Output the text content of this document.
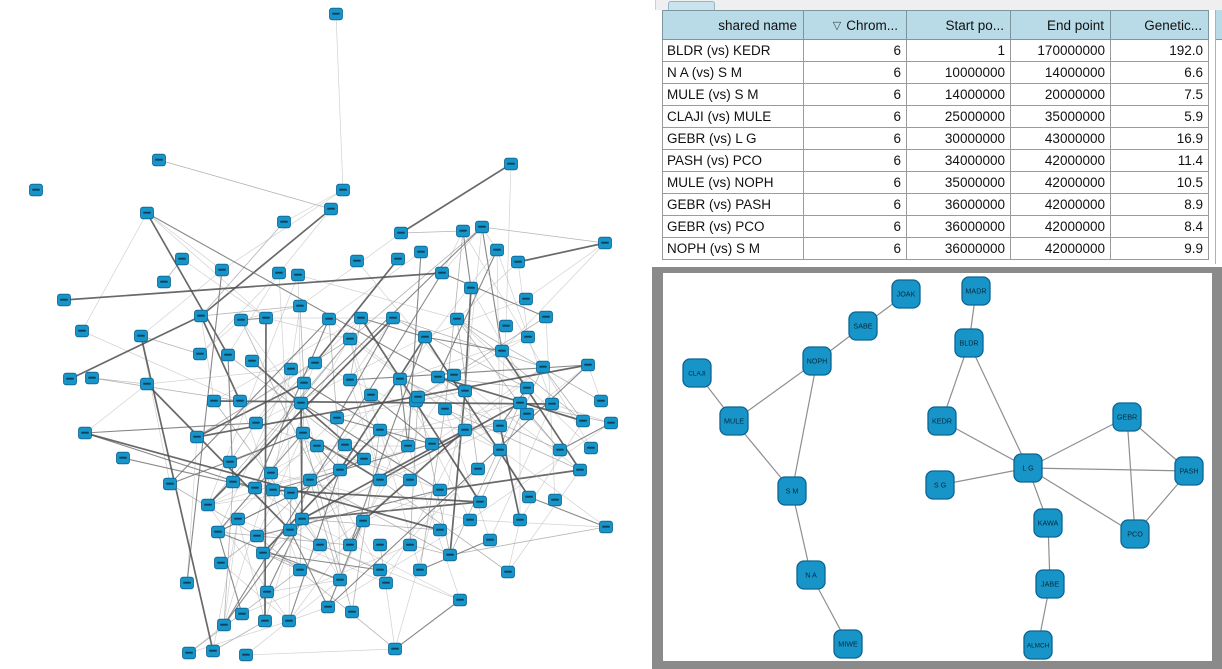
shared name	▽ Chrom...	Start po...	End point	Genetic...
BLDR (vs) KEDR	6	1	170000000	192.0
N A (vs) S M	6	10000000	14000000	6.6
MULE (vs) S M	6	14000000	20000000	7.5
CLAJI (vs) MULE	6	25000000	35000000	5.9
GEBR (vs) L G	6	30000000	43000000	16.9
PASH (vs) PCO	6	34000000	42000000	11.4
MULE (vs) NOPH	6	35000000	42000000	10.5
GEBR (vs) PASH	6	36000000	42000000	8.9
GEBR (vs) PCO	6	36000000	42000000	8.4
NOPH (vs) S M	6	36000000	42000000	9.9
JOAK
SABE
NOPH
CLAJI
MULE
S M
N A
MIWE
MADR
BLDR
KEDR	GEBR
L G
S G
PASH
KAWA
PCO
JABE
ALMCH
